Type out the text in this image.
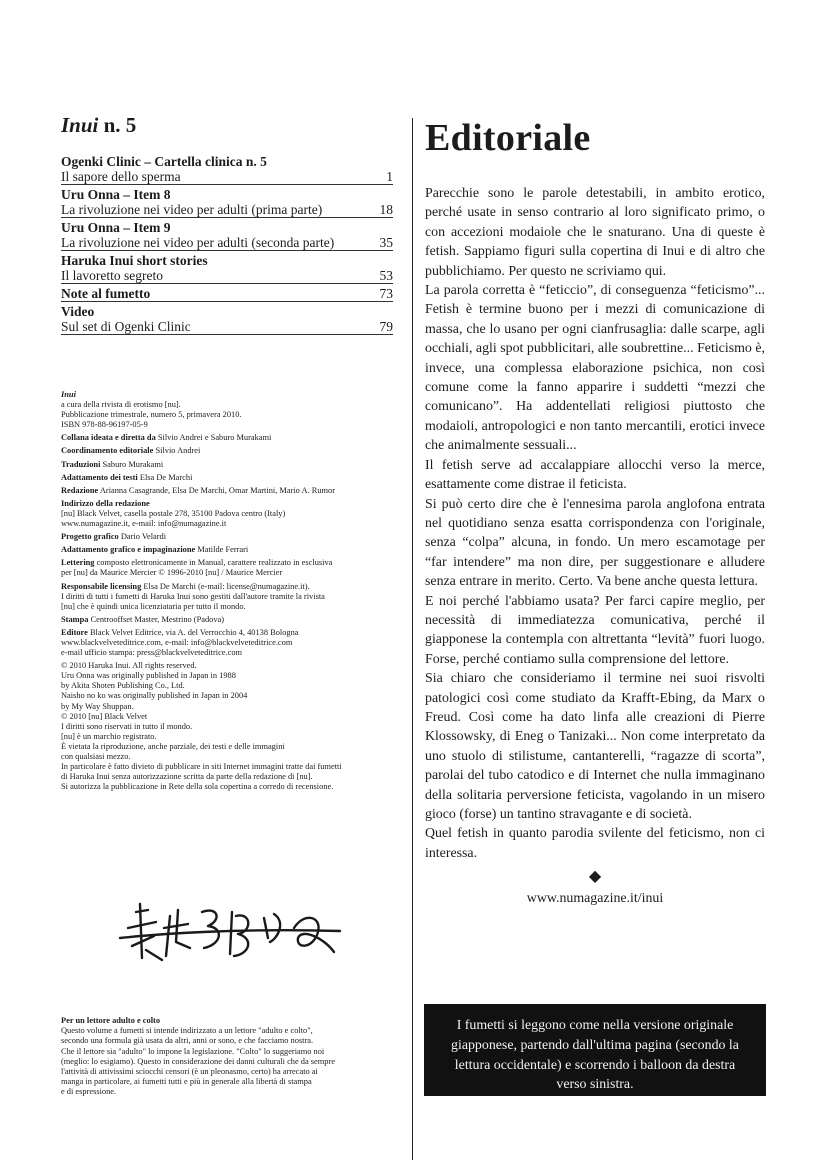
Inui n. 5
Ogenki Clinic – Cartella clinica n. 5
Il sapore dello sperma	1
Uru Onna – Item 8
La rivoluzione nei video per adulti (prima parte)	18
Uru Onna – Item 9
La rivoluzione nei video per adulti (seconda parte)	35
Haruka Inui short stories
Il lavoretto segreto	53
Note al fumetto	73
Video
Sul set di Ogenki Clinic	79

Inui
a cura della rivista di erotismo [nu].
Pubblicazione trimestrale, numero 5, primavera 2010.
ISBN 978-88-96197-05-9

Collana ideata e diretta da Silvio Andrei e Saburo Murakami

Coordinamento editoriale Silvio Andrei

Traduzioni Saburo Murakami

Adattamento dei testi Elsa De Marchi

Redazione Arianna Casagrande, Elsa De Marchi, Omar Martini, Mario A. Rumor

Indirizzo della redazione
[nu] Black Velvet, casella postale 278, 35100 Padova centro (Italy)
www.numagazine.it, e-mail: info@numagazine.it

Progetto grafico Dario Velardi

Adattamento grafico e impaginazione Matilde Ferrari

Lettering composto elettronicamente in Manual, carattere realizzato in esclusiva
per [nu] da Maurice Mercier © 1996-2010 [nu] / Maurice Mercier

Responsabile licensing Elsa De Marchi (e-mail: license@numagazine.it).
I diritti di tutti i fumetti di Haruka Inui sono gestiti dall'autore tramite la rivista
[nu] che è quindi unica licenziataria per tutto il mondo.

Stampa Centrooffset Master, Mestrino (Padova)

Editore Black Velvet Editrice, via A. del Verrocchio 4, 40138 Bologna
www.blackvelveteditrice.com, e-mail: info@blackvelveteditrice.com
e-mail ufficio stampa: press@blackvelveteditrice.com

© 2010 Haruka Inui. All rights reserved.
Uru Onna was originally published in Japan in 1988
by Akita Shoten Publishing Co., Ltd.
Naisho no ko was originally published in Japan in 2004
by My Way Shuppan.
© 2010 [nu] Black Velvet
I diritti sono riservati in tutto il mondo.
[nu] è un marchio registrato.
È vietata la riproduzione, anche parziale, dei testi e delle immagini
con qualsiasi mezzo.
In particolare è fatto divieto di pubblicare in siti Internet immagini tratte dai fumetti
di Haruka Inui senza autorizzazione scritta da parte della redazione di [nu].
Si autorizza la pubblicazione in Rete della sola copertina a corredo di recensione.

Per un lettore adulto e colto
Questo volume a fumetti si intende indirizzato a un lettore "adulto e colto",
secondo una formula già usata da altri, anni or sono, e che facciamo nostra.
Che il lettore sia "adulto" lo impone la legislazione. "Colto" lo suggeriamo noi
(meglio: lo esigiamo). Questo in considerazione dei danni culturali che da sempre
l'attività di attivissimi sciocchi censori (è un pleonasmo, certo) ha arrecato ai
manga in particolare, ai fumetti tutti e più in generale alla libertà di stampa
e di espressione.
Editoriale

Parecchie sono le parole detestabili, in ambito erotico, perché usate in senso contrario al loro significato primo, o con accezioni modaiole che le snaturano. Una di queste è fetish. Sappiamo figuri sulla copertina di Inui e di altro che pubblichiamo. Per questo ne scriviamo qui.

La parola corretta è “feticcio”, di conseguenza “feticismo”... Fetish è termine buono per i mezzi di comunicazione di massa, che lo usano per ogni cianfrusaglia: dalle scarpe, agli occhiali, agli spot pubblicitari, alle soubrettine... Feticismo è, invece, una complessa elaborazione psichica, non così comune come la fanno apparire i suddetti “mezzi che comunicano”. Ha addentellati religiosi piuttosto che modaioli, antropologici e non tanto mercantili, erotici invece che animalmente sessuali...

Il fetish serve ad accalappiare allocchi verso la merce, esattamente come distrae il feticista.

Si può certo dire che è l'ennesima parola anglofona entrata nel quotidiano senza esatta corrispondenza con l'originale, senza “colpa” alcuna, in fondo. Un mero escamotage per “far intendere” ma non dire, per suggestionare e alludere senza entrare in merito. Certo. Va bene anche questa lettura.

E noi perché l'abbiamo usata? Per farci capire meglio, per necessità di immediatezza comunicativa, perché il giapponese la contempla con altrettanta “levità” fuori luogo. Forse, perché contiamo sulla comprensione del lettore.

Sia chiaro che consideriamo il termine nei suoi risvolti patologici così come studiato da Krafft-Ebing, da Marx o Freud. Così come ha dato linfa alle creazioni di Pierre Klossowsky, di Eneg o Tanizaki... Non come interpretato da uno stuolo di stilistume, cantanterelli, “ragazze di scorta”, parolai del tubo catodico e di Internet che nulla immaginano della solitaria perversione feticista, vagolando in un misero gioco (forse) un tantino stravagante e di società.

Quel fetish in quanto parodia svilente del feticismo, non ci interessa.

◆
www.numagazine.it/inui

I fumetti si leggono come nella versione originale giapponese, partendo dall'ultima pagina (secondo la lettura occidentale) e scorrendo i balloon da destra verso sinistra.
